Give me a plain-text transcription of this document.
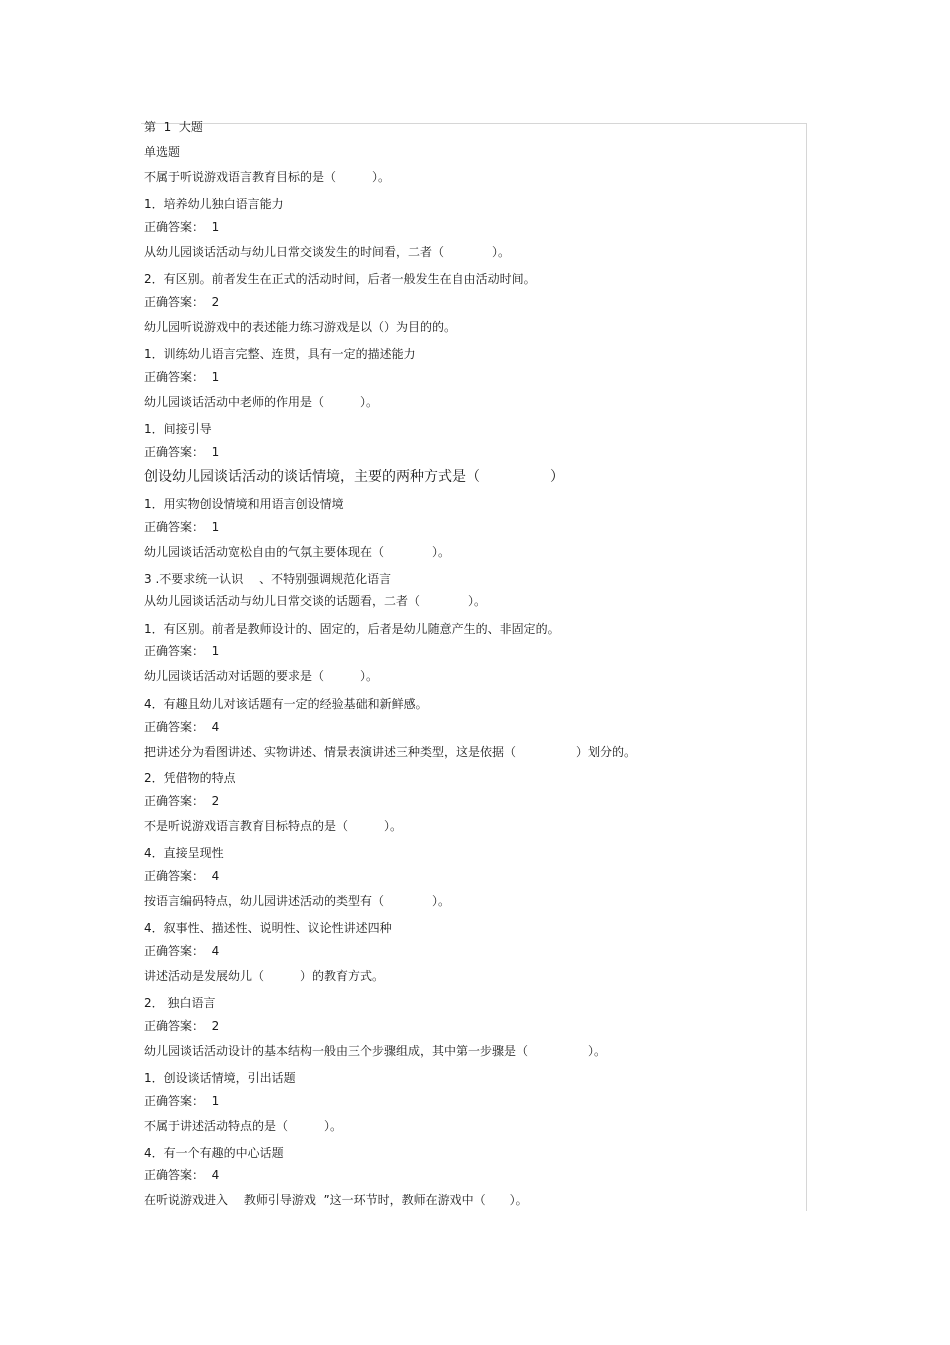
第  1  大题
单选题
不属于听说游戏语言教育目标的是（　　　）。
1．培养幼儿独白语言能力
正确答案：  1
从幼儿园谈话活动与幼儿日常交谈发生的时间看，二者（　　　　）。
2．有区别。前者发生在正式的活动时间，后者一般发生在自由活动时间。
正确答案：  2
幼儿园听说游戏中的表述能力练习游戏是以（）为目的的。
1．训练幼儿语言完整、连贯，具有一定的描述能力
正确答案：  1
幼儿园谈话活动中老师的作用是（　　　）。
1．间接引导
正确答案：  1
创设幼儿园谈话活动的谈话情境，主要的两种方式是（　　　　　）
1．用实物创设情境和用语言创设情境
正确答案：  1
幼儿园谈话活动宽松自由的气氛主要体现在（　　　　）。
3 .不要求统一认识　 、不特别强调规范化语言
从幼儿园谈话活动与幼儿日常交谈的话题看，二者（　　　　）。
1．有区别。前者是教师设计的、固定的，后者是幼儿随意产生的、非固定的。
正确答案：  1
幼儿园谈话活动对话题的要求是（　　　）。
4．有趣且幼儿对该话题有一定的经验基础和新鲜感。
正确答案：  4
把讲述分为看图讲述、实物讲述、情景表演讲述三种类型，这是依据（　　　　　）划分的。
2．凭借物的特点
正确答案：  2
不是听说游戏语言教育目标特点的是（　　　）。
4．直接呈现性
正确答案：  4
按语言编码特点，幼儿园讲述活动的类型有（　　　　）。
4．叙事性、描述性、说明性、议论性讲述四种
正确答案：  4
讲述活动是发展幼儿（　　　）的教育方式。
2． 独白语言
正确答案：  2
幼儿园谈话活动设计的基本结构一般由三个步骤组成，其中第一步骤是（　　　　　）。
1．创设谈话情境，引出话题
正确答案：  1
不属于讲述活动特点的是（　　　）。
4．有一个有趣的中心话题
正确答案：  4
在听说游戏进入　 教师引导游戏  ”这一环节时，教师在游戏中（　　）。
